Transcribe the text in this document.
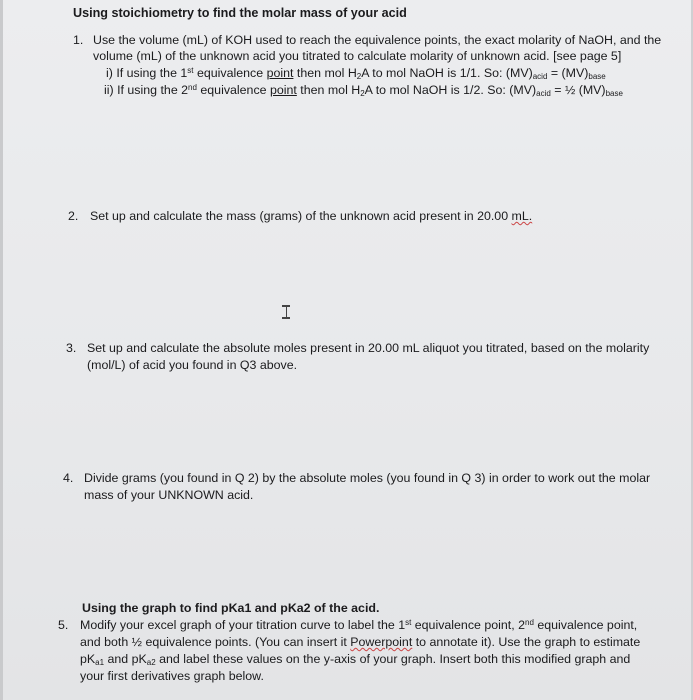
Using stoichiometry to find the molar mass of your acid
1. Use the volume (mL) of KOH used to reach the equivalence points, the exact molarity of NaOH, and the
volume (mL) of the unknown acid you titrated to calculate molarity of unknown acid. [see page 5]
i) If using the 1st equivalence point then mol $H_2A$ to mol NaOH is 1/1. So: $(MV)_{acid} = (MV)_{base}$
ii) If using the 2nd equivalence point then mol $H_2A$ to mol NaOH is 1/2. So: $(MV)_{acid}$ = ½ $(MV)_{base}$
2. Set up and calculate the mass (grams) of the unknown acid present in 20.00 mL.
3. Set up and calculate the absolute moles present in 20.00 mL aliquot you titrated, based on the molarity
(mol/L) of acid you found in Q3 above.
4. Divide grams (you found in Q 2) by the absolute moles (you found in Q 3) in order to work out the molar
mass of your UNKNOWN acid.
Using the graph to find pKa1 and pKa2 of the acid.
5. Modify your excel graph of your titration curve to label the 1st equivalence point, 2nd equivalence point,
and both ½ equivalence points. (You can insert it Powerpoint to annotate it). Use the graph to estimate
$pK_{a1}$ and $pK_{a2}$ and label these values on the y-axis of your graph. Insert both this modified graph and
your first derivatives graph below.
